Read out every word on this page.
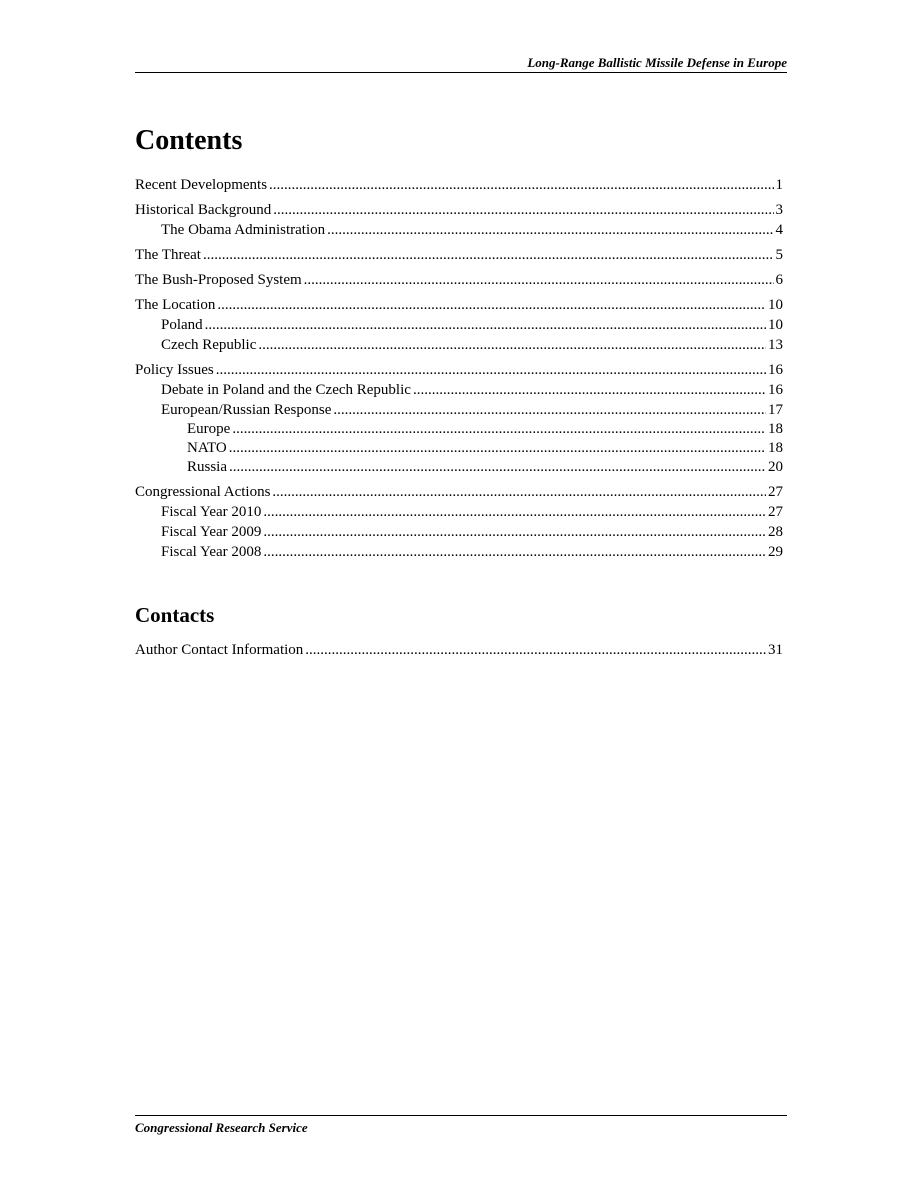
Long-Range Ballistic Missile Defense in Europe
Contents
Recent Developments .....	1
Historical Background .....	3
The Obama Administration .....	4
The Threat .....	5
The Bush-Proposed System .....	6
The Location .....	10
Poland .....	10
Czech Republic .....	13
Policy Issues .....	16
Debate in Poland and the Czech Republic .....	16
European/Russian Response .....	17
Europe .....	18
NATO .....	18
Russia .....	20
Congressional Actions .....	27
Fiscal Year 2010 .....	27
Fiscal Year 2009 .....	28
Fiscal Year 2008 .....	29
Contacts
Author Contact Information .....	31
Congressional Research Service
